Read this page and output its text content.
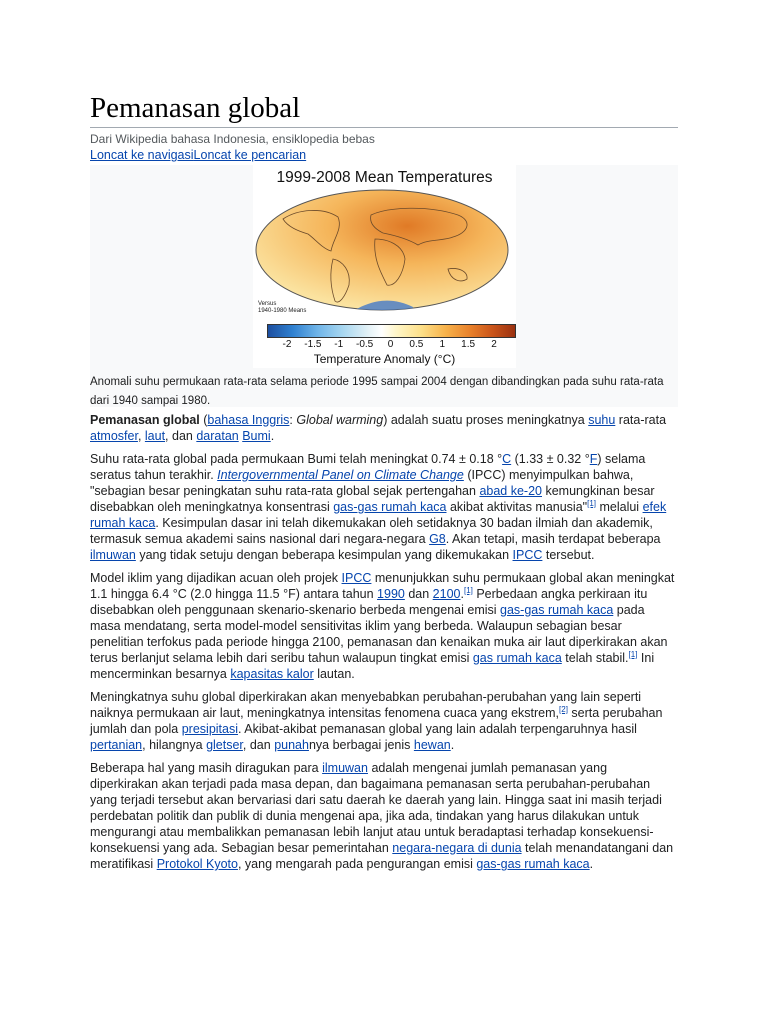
Pemanasan global
Dari Wikipedia bahasa Indonesia, ensiklopedia bebas
Loncat ke navigasiLoncat ke pencarian
1999-2008 Mean Temperatures
Versus
1940-1980 Means
-2 -1.5 -1 -0.5 0 0.5 1 1.5 2
Temperature Anomaly (°C)
Anomali suhu permukaan rata-rata selama periode 1995 sampai 2004 dengan dibandingkan pada suhu rata-rata dari 1940 sampai 1980.

Pemanasan global (bahasa Inggris: Global warming) adalah suatu proses meningkatnya suhu rata-rata atmosfer, laut, dan daratan Bumi.

Suhu rata-rata global pada permukaan Bumi telah meningkat 0.74 ± 0.18 °C (1.33 ± 0.32 °F) selama seratus tahun terakhir. Intergovernmental Panel on Climate Change (IPCC) menyimpulkan bahwa, "sebagian besar peningkatan suhu rata-rata global sejak pertengahan abad ke-20 kemungkinan besar disebabkan oleh meningkatnya konsentrasi gas-gas rumah kaca akibat aktivitas manusia"[1] melalui efek rumah kaca. Kesimpulan dasar ini telah dikemukakan oleh setidaknya 30 badan ilmiah dan akademik, termasuk semua akademi sains nasional dari negara-negara G8. Akan tetapi, masih terdapat beberapa ilmuwan yang tidak setuju dengan beberapa kesimpulan yang dikemukakan IPCC tersebut.

Model iklim yang dijadikan acuan oleh projek IPCC menunjukkan suhu permukaan global akan meningkat 1.1 hingga 6.4 °C (2.0 hingga 11.5 °F) antara tahun 1990 dan 2100.[1] Perbedaan angka perkiraan itu disebabkan oleh penggunaan skenario-skenario berbeda mengenai emisi gas-gas rumah kaca pada masa mendatang, serta model-model sensitivitas iklim yang berbeda. Walaupun sebagian besar penelitian terfokus pada periode hingga 2100, pemanasan dan kenaikan muka air laut diperkirakan akan terus berlanjut selama lebih dari seribu tahun walaupun tingkat emisi gas rumah kaca telah stabil.[1] Ini mencerminkan besarnya kapasitas kalor lautan.

Meningkatnya suhu global diperkirakan akan menyebabkan perubahan-perubahan yang lain seperti naiknya permukaan air laut, meningkatnya intensitas fenomena cuaca yang ekstrem,[2] serta perubahan jumlah dan pola presipitasi. Akibat-akibat pemanasan global yang lain adalah terpengaruhnya hasil pertanian, hilangnya gletser, dan punahnya berbagai jenis hewan.

Beberapa hal yang masih diragukan para ilmuwan adalah mengenai jumlah pemanasan yang diperkirakan akan terjadi pada masa depan, dan bagaimana pemanasan serta perubahan-perubahan yang terjadi tersebut akan bervariasi dari satu daerah ke daerah yang lain. Hingga saat ini masih terjadi perdebatan politik dan publik di dunia mengenai apa, jika ada, tindakan yang harus dilakukan untuk mengurangi atau membalikkan pemanasan lebih lanjut atau untuk beradaptasi terhadap konsekuensi-konsekuensi yang ada. Sebagian besar pemerintahan negara-negara di dunia telah menandatangani dan meratifikasi Protokol Kyoto, yang mengarah pada pengurangan emisi gas-gas rumah kaca.
